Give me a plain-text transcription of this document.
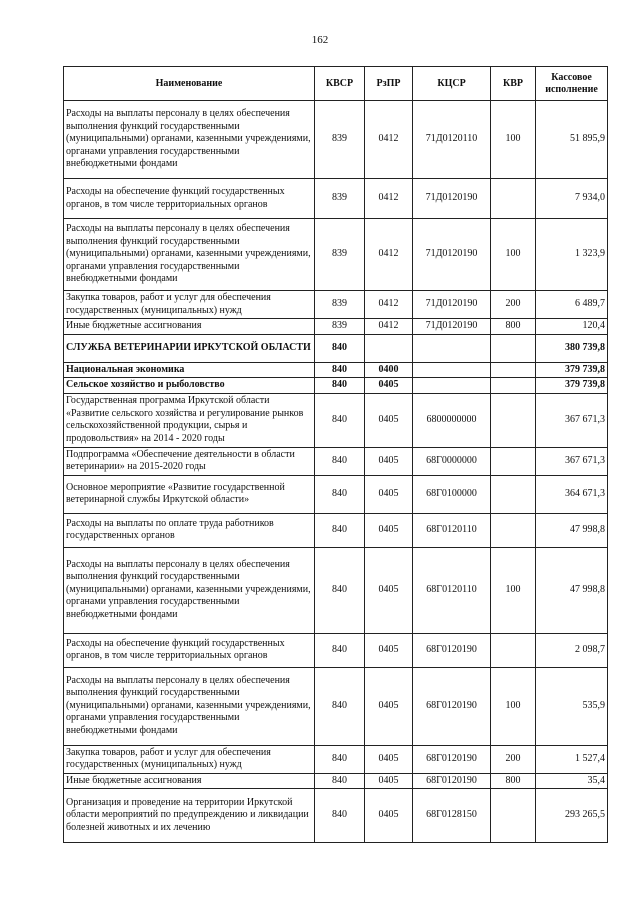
162
Наименование	КВСР	РзПР	КЦСР	КВР	Кассовое исполнение
Расходы на выплаты персоналу в целях обеспечения выполнения функций государственными (муниципальными) органами, казенными учреждениями, органами управления государственными внебюджетными фондами	839	0412	71Д0120110	100	51 895,9
Расходы на обеспечение функций государственных органов, в том числе территориальных органов	839	0412	71Д0120190		7 934,0
Расходы на выплаты персоналу в целях обеспечения выполнения функций государственными (муниципальными) органами, казенными учреждениями, органами управления государственными внебюджетными фондами	839	0412	71Д0120190	100	1 323,9
Закупка товаров, работ и услуг для обеспечения государственных (муниципальных) нужд	839	0412	71Д0120190	200	6 489,7
Иные бюджетные ассигнования	839	0412	71Д0120190	800	120,4
СЛУЖБА ВЕТЕРИНАРИИ ИРКУТСКОЙ ОБЛАСТИ	840				380 739,8
Национальная экономика	840	0400			379 739,8
Сельское хозяйство и рыболовство	840	0405			379 739,8
Государственная программа Иркутской области «Развитие сельского хозяйства и регулирование рынков сельскохозяйственной продукции, сырья и продовольствия» на 2014 - 2020 годы	840	0405	6800000000		367 671,3
Подпрограмма «Обеспечение деятельности в области ветеринарии» на 2015-2020 годы	840	0405	68Г0000000		367 671,3
Основное мероприятие «Развитие государственной ветеринарной службы Иркутской области»	840	0405	68Г0100000		364 671,3
Расходы на выплаты по оплате труда работников государственных органов	840	0405	68Г0120110		47 998,8
Расходы на выплаты персоналу в целях обеспечения выполнения функций государственными (муниципальными) органами, казенными учреждениями, органами управления государственными внебюджетными фондами	840	0405	68Г0120110	100	47 998,8
Расходы на обеспечение функций государственных органов, в том числе территориальных органов	840	0405	68Г0120190		2 098,7
Расходы на выплаты персоналу в целях обеспечения выполнения функций государственными (муниципальными) органами, казенными учреждениями, органами управления государственными внебюджетными фондами	840	0405	68Г0120190	100	535,9
Закупка товаров, работ и услуг для обеспечения государственных (муниципальных) нужд	840	0405	68Г0120190	200	1 527,4
Иные бюджетные ассигнования	840	0405	68Г0120190	800	35,4
Организация и проведение на территории Иркутской области мероприятий по предупреждению и ликвидации болезней животных и их лечению	840	0405	68Г0128150		293 265,5
